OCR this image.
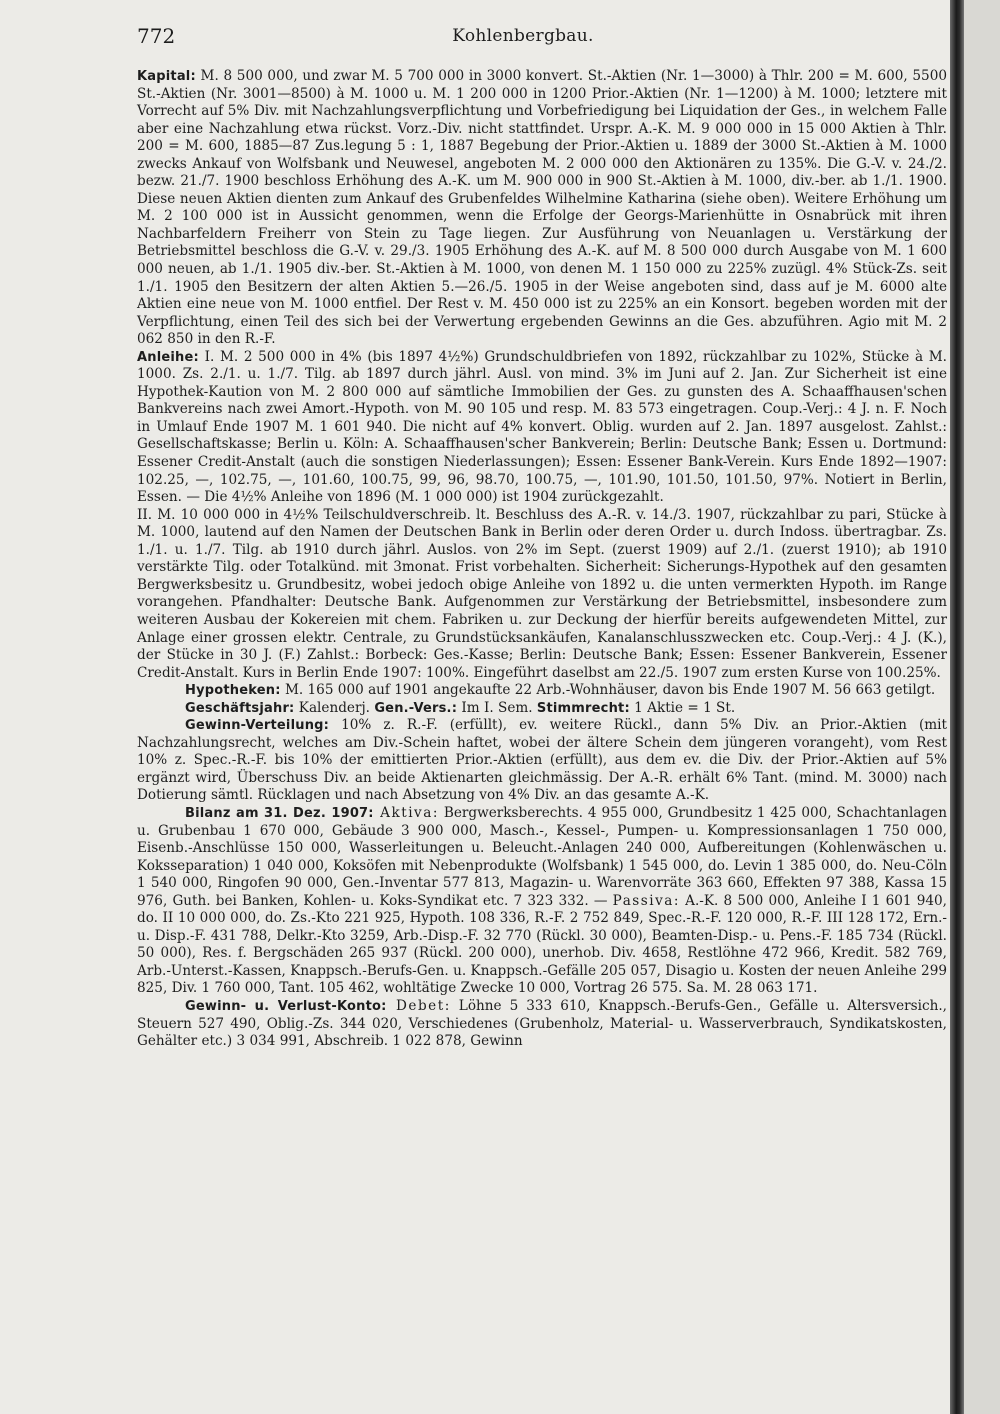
772	Kohlenbergbau.

Kapital: M. 8 500 000, und zwar M. 5 700 000 in 3000 konvert. St.-Aktien (Nr. 1—3000) à Thlr. 200 = M. 600, 5500 St.-Aktien (Nr. 3001—8500) à M. 1000 u. M. 1 200 000 in 1200 Prior.-Aktien (Nr. 1—1200) à M. 1000; letztere mit Vorrecht auf 5% Div. mit Nachzahlungsverpflichtung und Vorbefriedigung bei Liquidation der Ges., in welchem Falle aber eine Nachzahlung etwa rückst. Vorz.-Div. nicht stattfindet. Urspr. A.-K. M. 9 000 000 in 15 000 Aktien à Thlr. 200 = M. 600, 1885—87 Zus.legung 5 : 1, 1887 Begebung der Prior.-Aktien u. 1889 der 3000 St.-Aktien à M. 1000 zwecks Ankauf von Wolfsbank und Neuwesel, angeboten M. 2 000 000 den Aktionären zu 135%. Die G.-V. v. 24./2. bezw. 21./7. 1900 beschloss Erhöhung des A.-K. um M. 900 000 in 900 St.-Aktien à M. 1000, div.-ber. ab 1./1. 1900. Diese neuen Aktien dienten zum Ankauf des Grubenfeldes Wilhelmine Katharina (siehe oben). Weitere Erhöhung um M. 2 100 000 ist in Aussicht genommen, wenn die Erfolge der Georgs-Marienhütte in Osnabrück mit ihren Nachbarfeldern Freiherr von Stein zu Tage liegen. Zur Ausführung von Neuanlagen u. Verstärkung der Betriebsmittel beschloss die G.-V. v. 29./3. 1905 Erhöhung des A.-K. auf M. 8 500 000 durch Ausgabe von M. 1 600 000 neuen, ab 1./1. 1905 div.-ber. St.-Aktien à M. 1000, von denen M. 1 150 000 zu 225% zuzügl. 4% Stück-Zs. seit 1./1. 1905 den Besitzern der alten Aktien 5.—26./5. 1905 in der Weise angeboten sind, dass auf je M. 6000 alte Aktien eine neue von M. 1000 entfiel. Der Rest v. M. 450 000 ist zu 225% an ein Konsort. begeben worden mit der Verpflichtung, einen Teil des sich bei der Verwertung ergebenden Gewinns an die Ges. abzuführen. Agio mit M. 2 062 850 in den R.-F.

Anleihe: I. M. 2 500 000 in 4% (bis 1897 4½%) Grundschuldbriefen von 1892, rückzahlbar zu 102%, Stücke à M. 1000. Zs. 2./1. u. 1./7. Tilg. ab 1897 durch jährl. Ausl. von mind. 3% im Juni auf 2. Jan. Zur Sicherheit ist eine Hypothek-Kaution von M. 2 800 000 auf sämtliche Immobilien der Ges. zu gunsten des A. Schaaffhausen'schen Bankvereins nach zwei Amort.-Hypoth. von M. 90 105 und resp. M. 83 573 eingetragen. Coup.-Verj.: 4 J. n. F. Noch in Umlauf Ende 1907 M. 1 601 940. Die nicht auf 4% konvert. Oblig. wurden auf 2. Jan. 1897 ausgelost. Zahlst.: Gesellschaftskasse; Berlin u. Köln: A. Schaaffhausen'scher Bankverein; Berlin: Deutsche Bank; Essen u. Dortmund: Essener Credit-Anstalt (auch die sonstigen Niederlassungen); Essen: Essener Bank-Verein. Kurs Ende 1892—1907: 102.25, —, 102.75, —, 101.60, 100.75, 99, 96, 98.70, 100.75, —, 101.90, 101.50, 101.50, 97%. Notiert in Berlin, Essen. — Die 4½% Anleihe von 1896 (M. 1 000 000) ist 1904 zurückgezahlt.

II. M. 10 000 000 in 4½% Teilschuldverschreib. lt. Beschluss des A.-R. v. 14./3. 1907, rückzahlbar zu pari, Stücke à M. 1000, lautend auf den Namen der Deutschen Bank in Berlin oder deren Order u. durch Indoss. übertragbar. Zs. 1./1. u. 1./7. Tilg. ab 1910 durch jährl. Auslos. von 2% im Sept. (zuerst 1909) auf 2./1. (zuerst 1910); ab 1910 verstärkte Tilg. oder Totalkünd. mit 3monat. Frist vorbehalten. Sicherheit: Sicherungs-Hypothek auf den gesamten Bergwerksbesitz u. Grundbesitz, wobei jedoch obige Anleihe von 1892 u. die unten vermerkten Hypoth. im Range vorangehen. Pfandhalter: Deutsche Bank. Aufgenommen zur Verstärkung der Betriebsmittel, insbesondere zum weiteren Ausbau der Kokereien mit chem. Fabriken u. zur Deckung der hierfür bereits aufgewendeten Mittel, zur Anlage einer grossen elektr. Centrale, zu Grundstücksankäufen, Kanalanschlusszwecken etc. Coup.-Verj.: 4 J. (K.), der Stücke in 30 J. (F.) Zahlst.: Borbeck: Ges.-Kasse; Berlin: Deutsche Bank; Essen: Essener Bankverein, Essener Credit-Anstalt. Kurs in Berlin Ende 1907: 100%. Eingeführt daselbst am 22./5. 1907 zum ersten Kurse von 100.25%.

Hypotheken: M. 165 000 auf 1901 angekaufte 22 Arb.-Wohnhäuser, davon bis Ende 1907 M. 56 663 getilgt.

Geschäftsjahr: Kalenderj. Gen.-Vers.: Im I. Sem. Stimmrecht: 1 Aktie = 1 St.

Gewinn-Verteilung: 10% z. R.-F. (erfüllt), ev. weitere Rückl., dann 5% Div. an Prior.-Aktien (mit Nachzahlungsrecht, welches am Div.-Schein haftet, wobei der ältere Schein dem jüngeren vorangeht), vom Rest 10% z. Spec.-R.-F. bis 10% der emittierten Prior.-Aktien (erfüllt), aus dem ev. die Div. der Prior.-Aktien auf 5% ergänzt wird, Überschuss Div. an beide Aktienarten gleichmässig. Der A.-R. erhält 6% Tant. (mind. M. 3000) nach Dotierung sämtl. Rücklagen und nach Absetzung von 4% Div. an das gesamte A.-K.

Bilanz am 31. Dez. 1907: Aktiva: Bergwerksberechts. 4 955 000, Grundbesitz 1 425 000, Schachtanlagen u. Grubenbau 1 670 000, Gebäude 3 900 000, Masch.-, Kessel-, Pumpen- u. Kompressionsanlagen 1 750 000, Eisenb.-Anschlüsse 150 000, Wasserleitungen u. Beleucht.-Anlagen 240 000, Aufbereitungen (Kohlenwäschen u. Koksseparation) 1 040 000, Koksöfen mit Nebenprodukte (Wolfsbank) 1 545 000, do. Levin 1 385 000, do. Neu-Cöln 1 540 000, Ringofen 90 000, Gen.-Inventar 577 813, Magazin- u. Warenvorräte 363 660, Effekten 97 388, Kassa 15 976, Guth. bei Banken, Kohlen- u. Koks-Syndikat etc. 7 323 332. — Passiva: A.-K. 8 500 000, Anleihe I 1 601 940, do. II 10 000 000, do. Zs.-Kto 221 925, Hypoth. 108 336, R.-F. 2 752 849, Spec.-R.-F. 120 000, R.-F. III 128 172, Ern.- u. Disp.-F. 431 788, Delkr.-Kto 3259, Arb.-Disp.-F. 32 770 (Rückl. 30 000), Beamten-Disp.- u. Pens.-F. 185 734 (Rückl. 50 000), Res. f. Bergschäden 265 937 (Rückl. 200 000), unerhob. Div. 4658, Restlöhne 472 966, Kredit. 582 769, Arb.-Unterst.-Kassen, Knappsch.-Berufs-Gen. u. Knappsch.-Gefälle 205 057, Disagio u. Kosten der neuen Anleihe 299 825, Div. 1 760 000, Tant. 105 462, wohltätige Zwecke 10 000, Vortrag 26 575. Sa. M. 28 063 171.

Gewinn- u. Verlust-Konto: Debet: Löhne 5 333 610, Knappsch.-Berufs-Gen., Gefälle u. Altersversich., Steuern 527 490, Oblig.-Zs. 344 020, Verschiedenes (Grubenholz, Material- u. Wasserverbrauch, Syndikatskosten, Gehälter etc.) 3 034 991, Abschreib. 1 022 878, Gewinn
